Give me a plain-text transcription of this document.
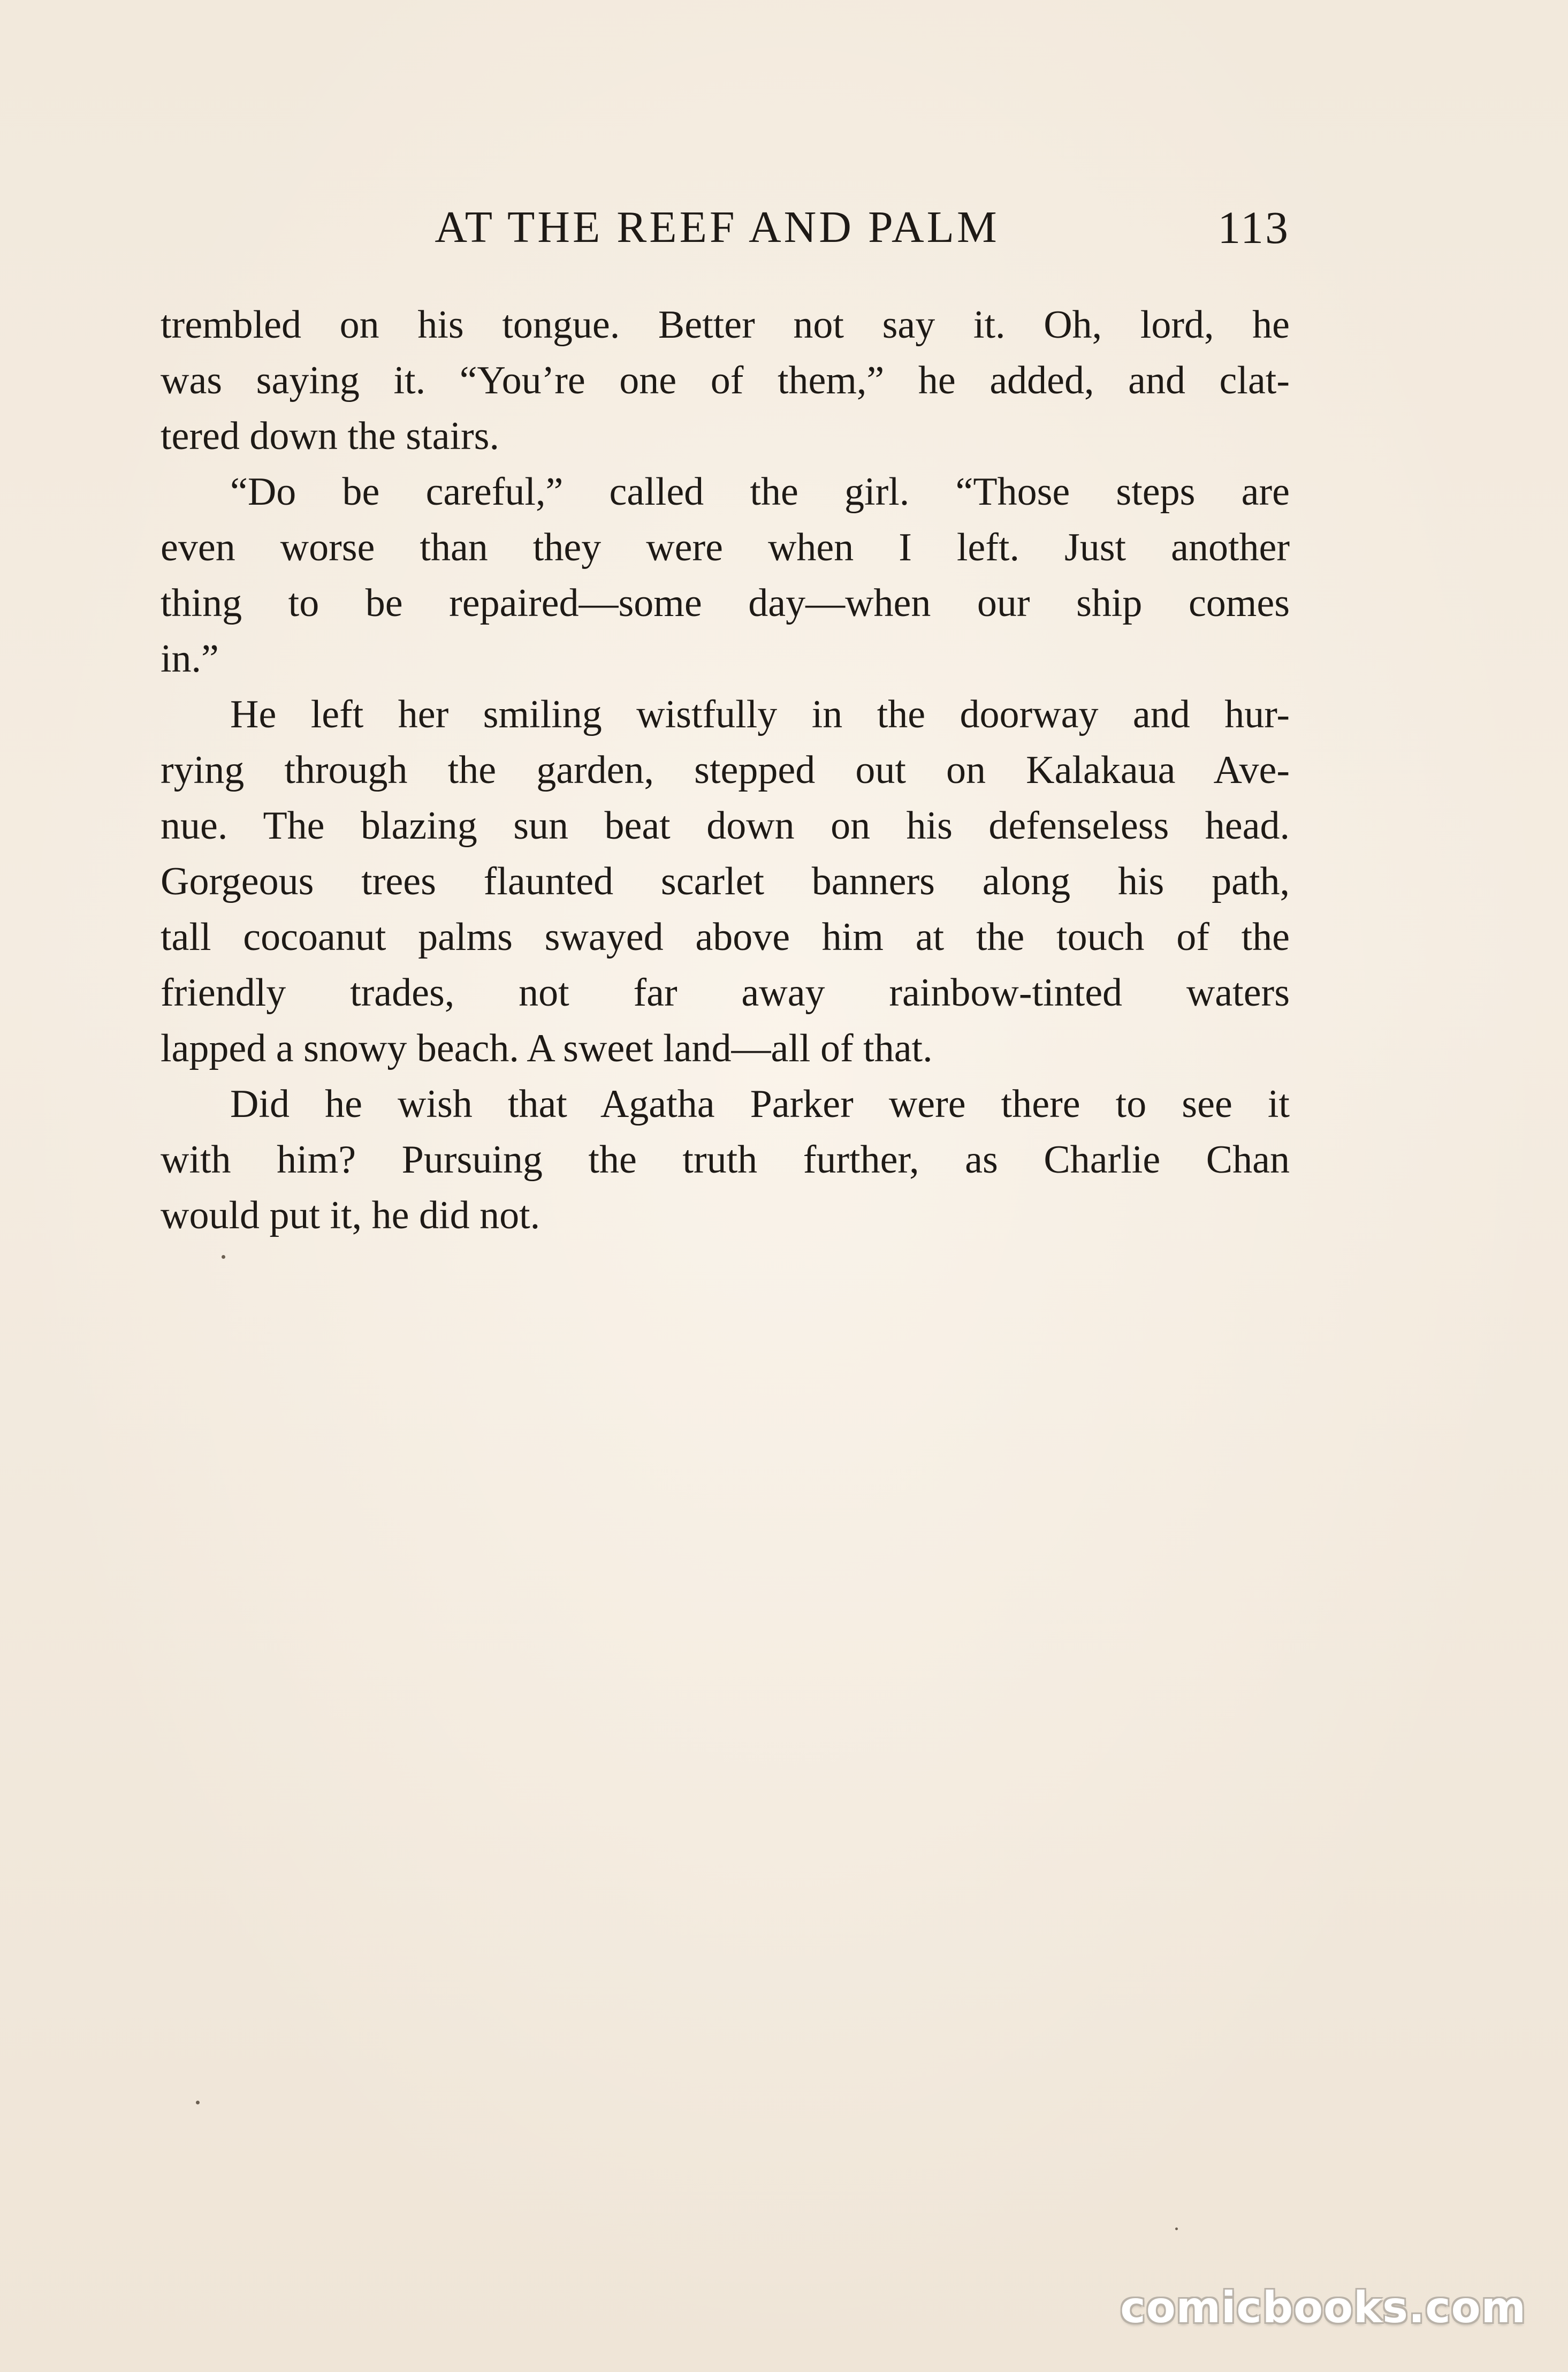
AT THE REEF AND PALM	113
trembled on his tongue. Better not say it. Oh, lord, he
was saying it. “You’re one of them,” he added, and clat-
tered down the stairs.
“Do be careful,” called the girl. “Those steps are
even worse than they were when I left. Just another
thing to be repaired—some day—when our ship comes
in.”
He left her smiling wistfully in the doorway and hur-
rying through the garden, stepped out on Kalakaua Ave-
nue. The blazing sun beat down on his defenseless head.
Gorgeous trees flaunted scarlet banners along his path,
tall cocoanut palms swayed above him at the touch of the
friendly trades, not far away rainbow-tinted waters
lapped a snowy beach. A sweet land—all of that.
Did he wish that Agatha Parker were there to see it
with him? Pursuing the truth further, as Charlie Chan
would put it, he did not.
comicbooks.com
